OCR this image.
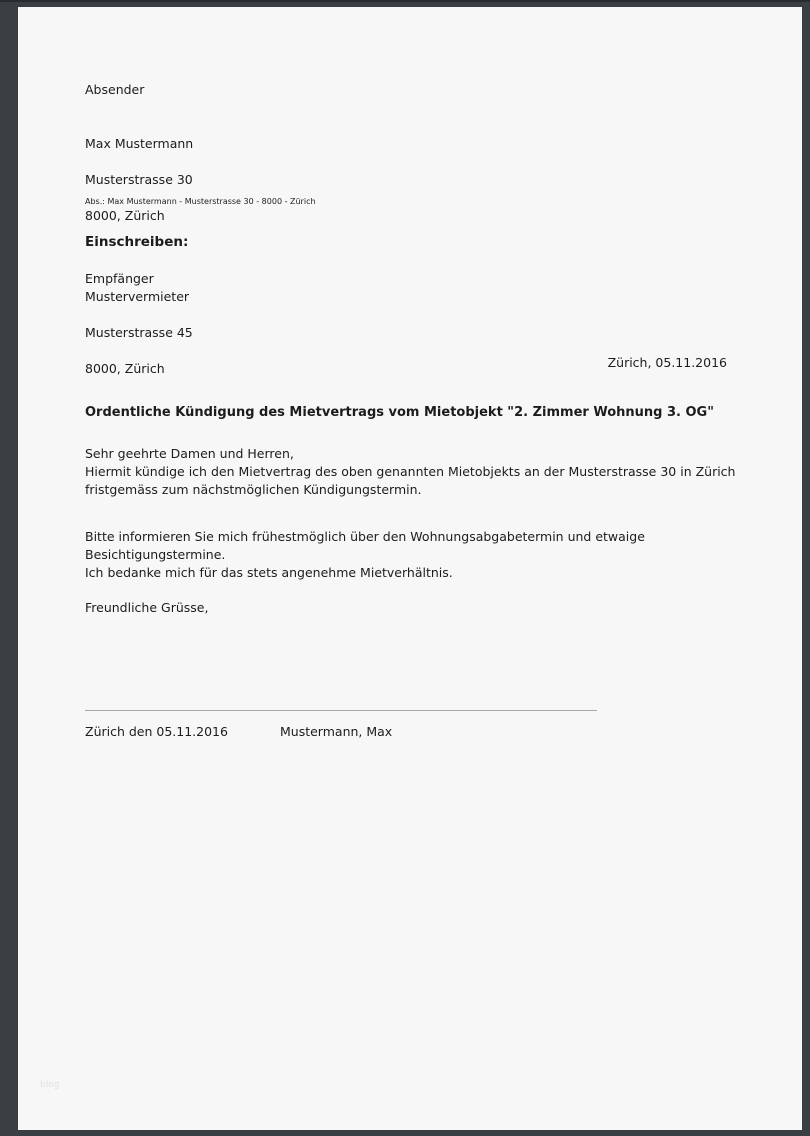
Absender

Max Mustermann

Musterstrasse 30

8000, Zürich

Abs.: Max Mustermann - Musterstrasse 30 - 8000 - Zürich

Einschreiben:

Empfänger

Mustervermieter

Musterstrasse 45

8000, Zürich	Zürich, 05.11.2016
Ordentliche Kündigung des Mietvertrags vom Mietobjekt "2. Zimmer Wohnung 3. OG"
Sehr geehrte Damen und Herren,
Hiermit kündige ich den Mietvertrag des oben genannten Mietobjekts an der Musterstrasse 30 in Zürich
fristgemäss zum nächstmöglichen Kündigungstermin.
Bitte informieren Sie mich frühestmöglich über den Wohnungsabgabetermin und etwaige
Besichtigungstermine.
Ich bedanke mich für das stets angenehme Mietverhältnis.
Freundliche Grüsse,
Zürich den 05.11.2016	Mustermann, Max
blog
